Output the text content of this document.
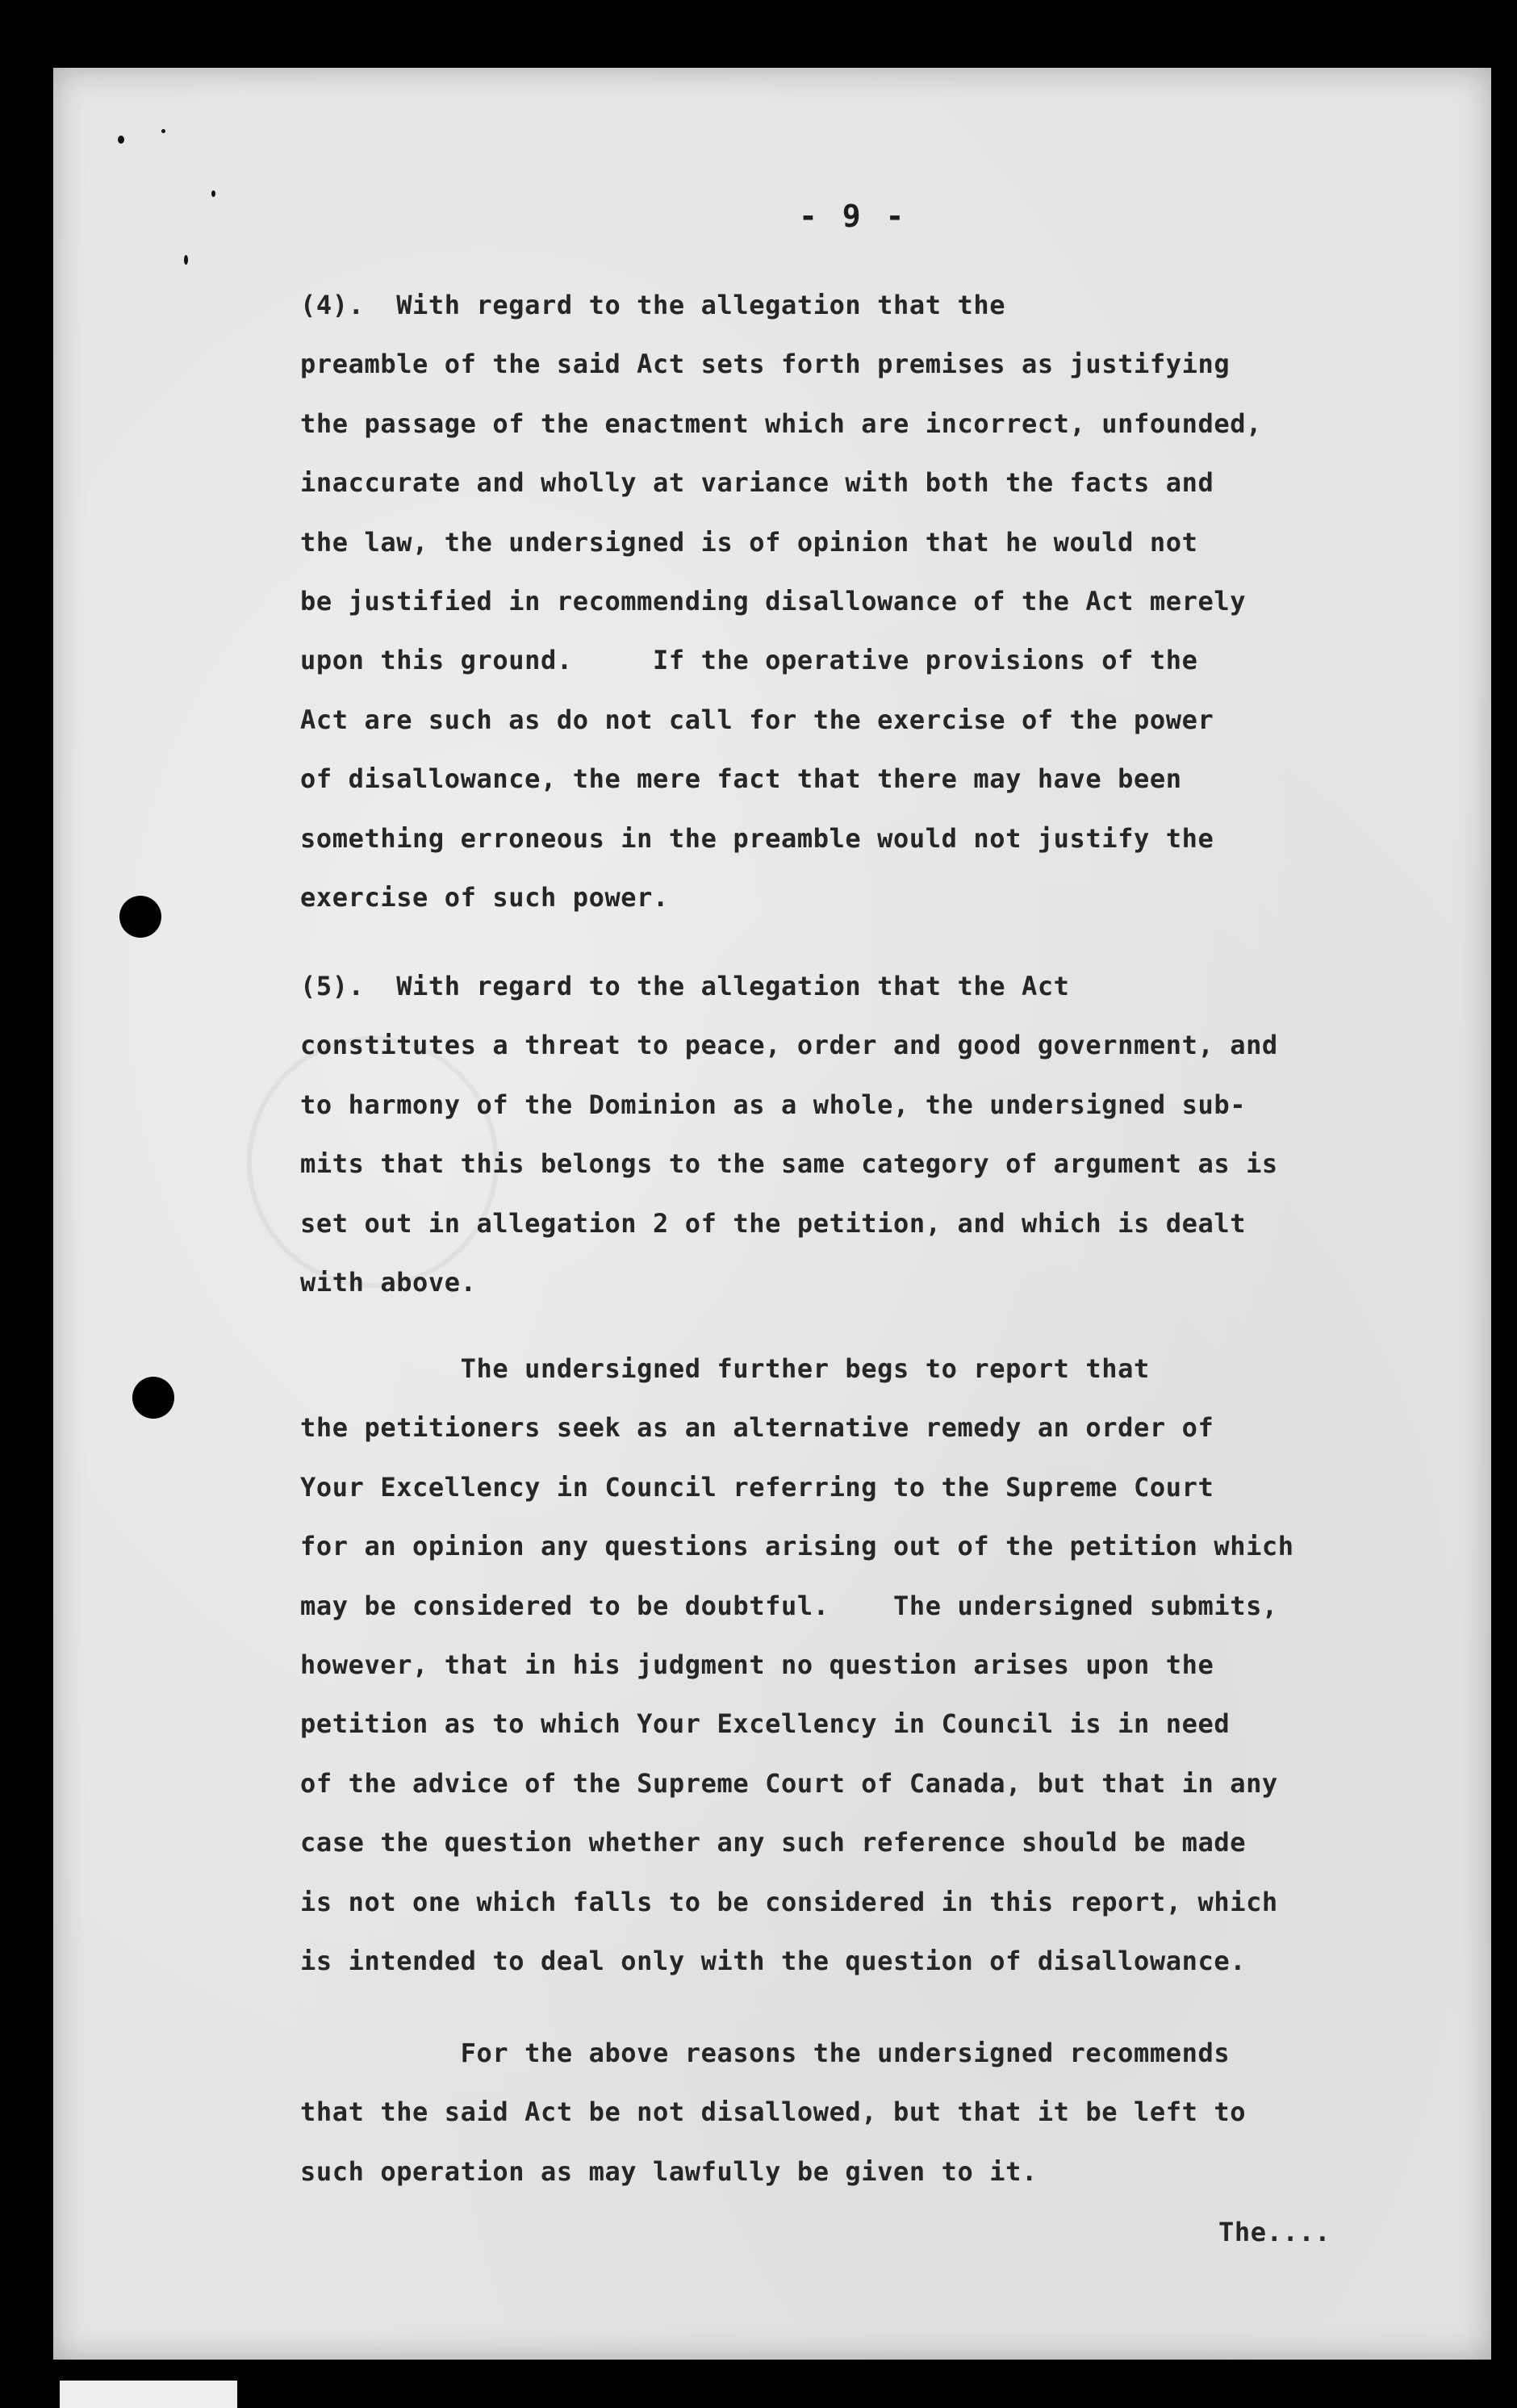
- 9 -

(4).  With regard to the allegation that the
preamble of the said Act sets forth premises as justifying
the passage of the enactment which are incorrect, unfounded,
inaccurate and wholly at variance with both the facts and
the law, the undersigned is of opinion that he would not
be justified in recommending disallowance of the Act merely
upon this ground.     If the operative provisions of the
Act are such as do not call for the exercise of the power
of disallowance, the mere fact that there may have been
something erroneous in the preamble would not justify the
exercise of such power.

(5).  With regard to the allegation that the Act
constitutes a threat to peace, order and good government, and
to harmony of the Dominion as a whole, the undersigned sub-
mits that this belongs to the same category of argument as is
set out in allegation 2 of the petition, and which is dealt
with above.

The undersigned further begs to report that
the petitioners seek as an alternative remedy an order of
Your Excellency in Council referring to the Supreme Court
for an opinion any questions arising out of the petition which
may be considered to be doubtful.    The undersigned submits,
however, that in his judgment no question arises upon the
petition as to which Your Excellency in Council is in need
of the advice of the Supreme Court of Canada, but that in any
case the question whether any such reference should be made
is not one which falls to be considered in this report, which
is intended to deal only with the question of disallowance.

For the above reasons the undersigned recommends
that the said Act be not disallowed, but that it be left to
such operation as may lawfully be given to it.

The....
